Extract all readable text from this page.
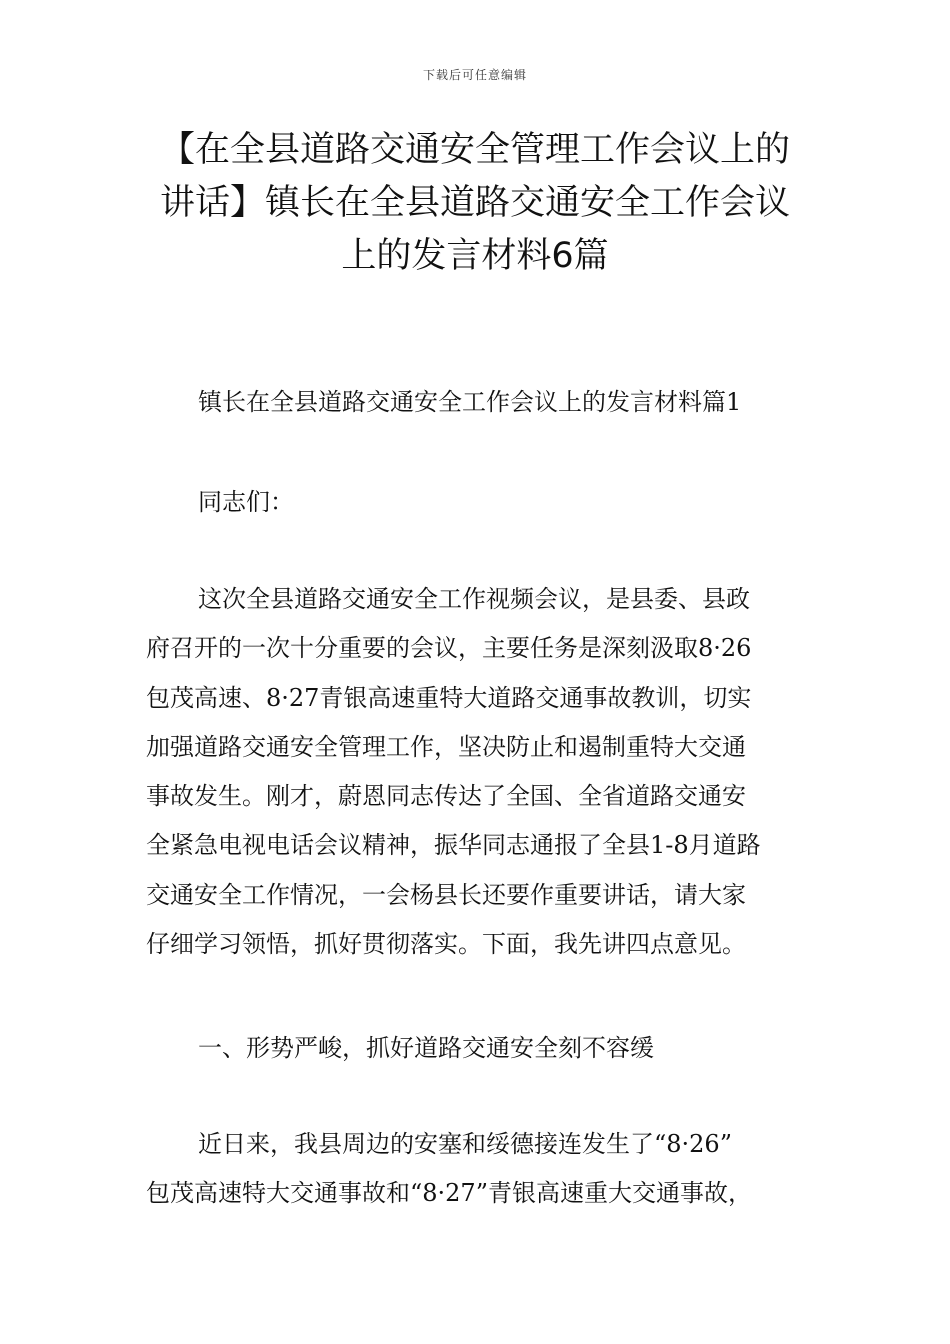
下载后可任意编辑
【在全县道路交通安全管理工作会议上的
讲话】镇长在全县道路交通安全工作会议
上的发言材料6篇

镇长在全县道路交通安全工作会议上的发言材料篇1

同志们：

这次全县道路交通安全工作视频会议，是县委、县政
府召开的一次十分重要的会议，主要任务是深刻汲取8·26
包茂高速、8·27青银高速重特大道路交通事故教训，切实
加强道路交通安全管理工作，坚决防止和遏制重特大交通
事故发生。刚才，蔚恩同志传达了全国、全省道路交通安
全紧急电视电话会议精神，振华同志通报了全县1-8月道路
交通安全工作情况，一会杨县长还要作重要讲话，请大家
仔细学习领悟，抓好贯彻落实。下面，我先讲四点意见。

一、形势严峻，抓好道路交通安全刻不容缓

近日来，我县周边的安塞和绥德接连发生了“8·26”
包茂高速特大交通事故和“8·27”青银高速重大交通事故，
